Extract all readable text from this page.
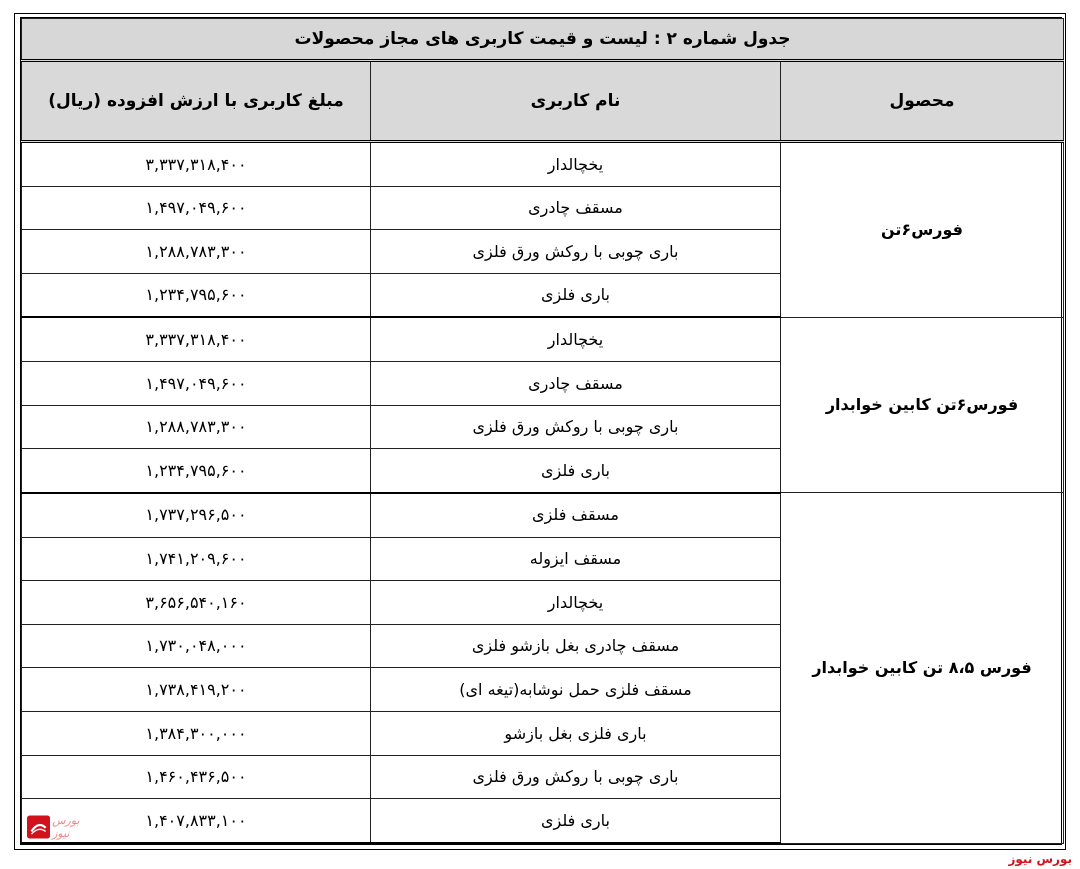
جدول شماره ۲ : لیست و قیمت کاربری های مجاز محصولات		
محصول	نام کاربری	مبلغ کاربری با ارزش افزوده (ریال)
فورس۶تن	یخچالدار	۳,۳۳۷,۳۱۸,۴۰۰
	مسقف چادری	۱,۴۹۷,۰۴۹,۶۰۰
	باری چوبی با روکش ورق فلزی	۱,۲۸۸,۷۸۳,۳۰۰
	باری فلزی	۱,۲۳۴,۷۹۵,۶۰۰
فورس۶تن کابین خوابدار	یخچالدار	۳,۳۳۷,۳۱۸,۴۰۰
	مسقف چادری	۱,۴۹۷,۰۴۹,۶۰۰
	باری چوبی با روکش ورق فلزی	۱,۲۸۸,۷۸۳,۳۰۰
	باری فلزی	۱,۲۳۴,۷۹۵,۶۰۰
فورس ۸،۵ تن کابین خوابدار	مسقف فلزی	۱,۷۳۷,۲۹۶,۵۰۰
	مسقف ایزوله	۱,۷۴۱,۲۰۹,۶۰۰
	یخچالدار	۳,۶۵۶,۵۴۰,۱۶۰
	مسقف چادری بغل بازشو فلزی	۱,۷۳۰,۰۴۸,۰۰۰
	مسقف فلزی حمل نوشابه(تیغه ای)	۱,۷۳۸,۴۱۹,۲۰۰
	باری فلزی بغل بازشو	۱,۳۸۴,۳۰۰,۰۰۰
	باری چوبی با روکش ورق فلزی	۱,۴۶۰,۴۳۶,۵۰۰
	باری فلزی	۱,۴۰۷,۸۳۳,۱۰۰
بورس نیوز
بورس نیوز
